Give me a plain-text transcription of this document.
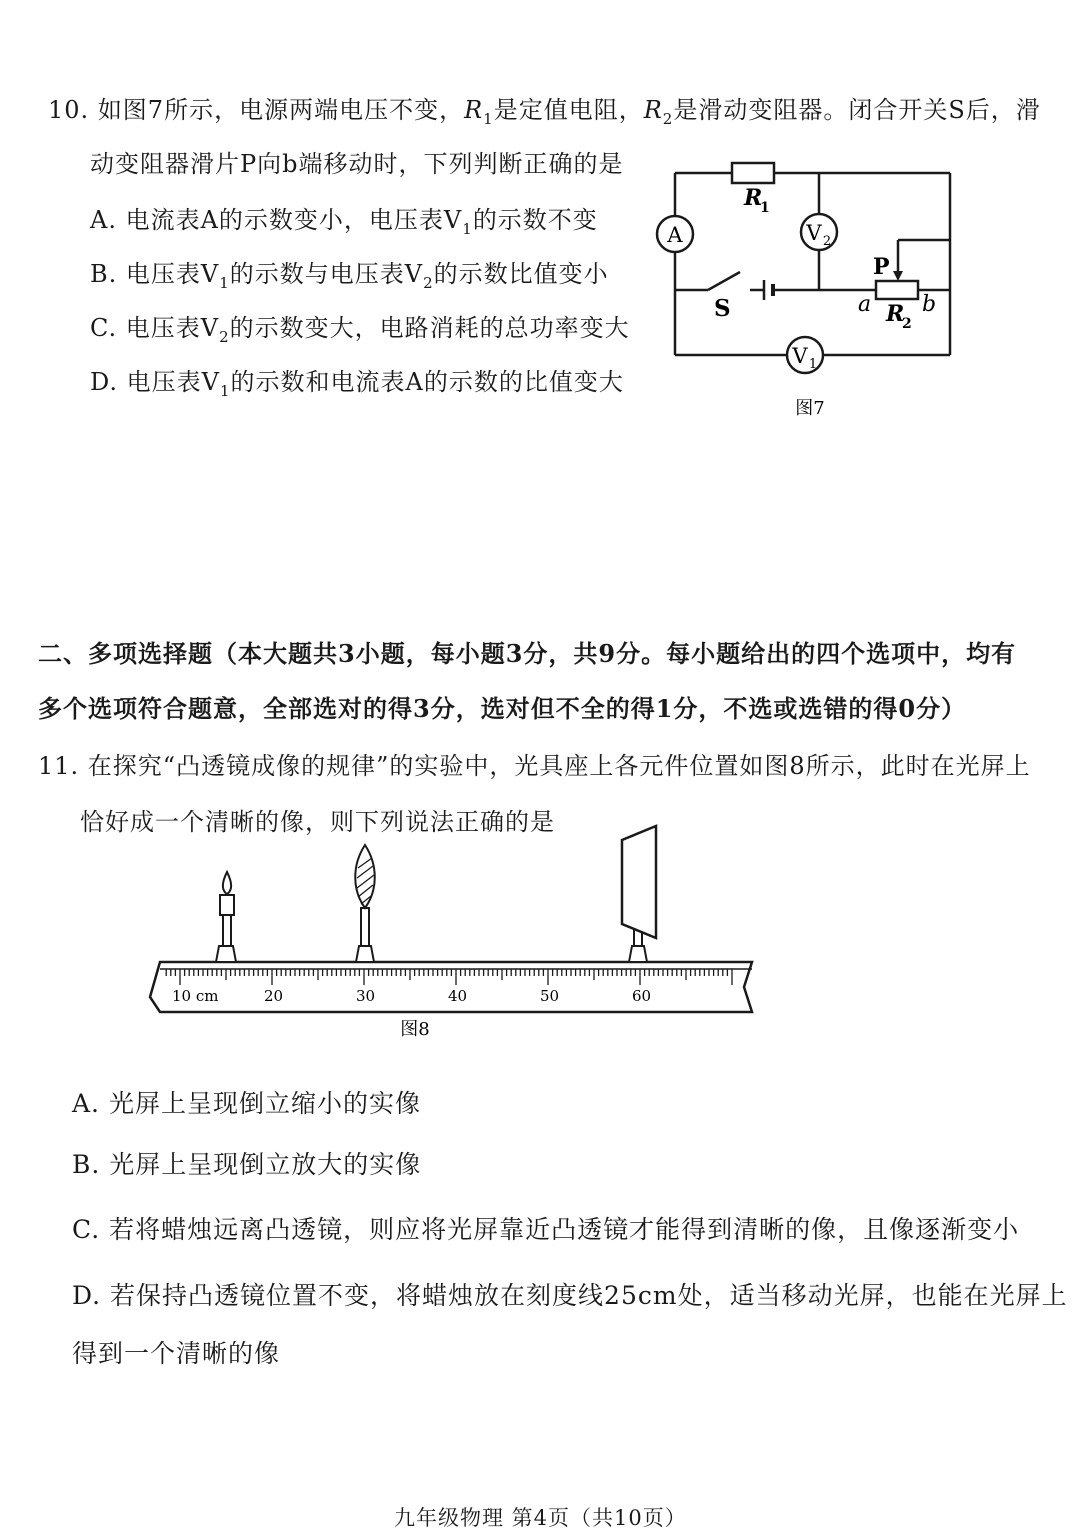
10. 如图7所示，电源两端电压不变，$R_1$是定值电阻，$R_2$是滑动变阻器。闭合开关S后，滑
动变阻器滑片P向b端移动时，下列判断正确的是
A. 电流表A的示数变小，电压表$V_1$的示数不变
B. 电压表$V_1$的示数与电压表$V_2$的示数比值变小
C. 电压表$V_2$的示数变大，电路消耗的总功率变大
D. 电压表$V_1$的示数和电流表A的示数的比值变大
A	V 2
V 1
R
1
R
2
S
P
a b
图7
二、多项选择题（本大题共3小题，每小题3分，共9分。每小题给出的四个选项中，均有
多个选项符合题意，全部选对的得3分，选对但不全的得1分，不选或选错的得0分）
11. 在探究“凸透镜成像的规律”的实验中，光具座上各元件位置如图8所示，此时在光屏上
恰好成一个清晰的像，则下列说法正确的是
10 cm	20	30	40	50	60
图8
A. 光屏上呈现倒立缩小的实像
B. 光屏上呈现倒立放大的实像
C. 若将蜡烛远离凸透镜，则应将光屏靠近凸透镜才能得到清晰的像，且像逐渐变小
D. 若保持凸透镜位置不变，将蜡烛放在刻度线25cm处，适当移动光屏，也能在光屏上
得到一个清晰的像
九年级物理 第4页（共10页）
